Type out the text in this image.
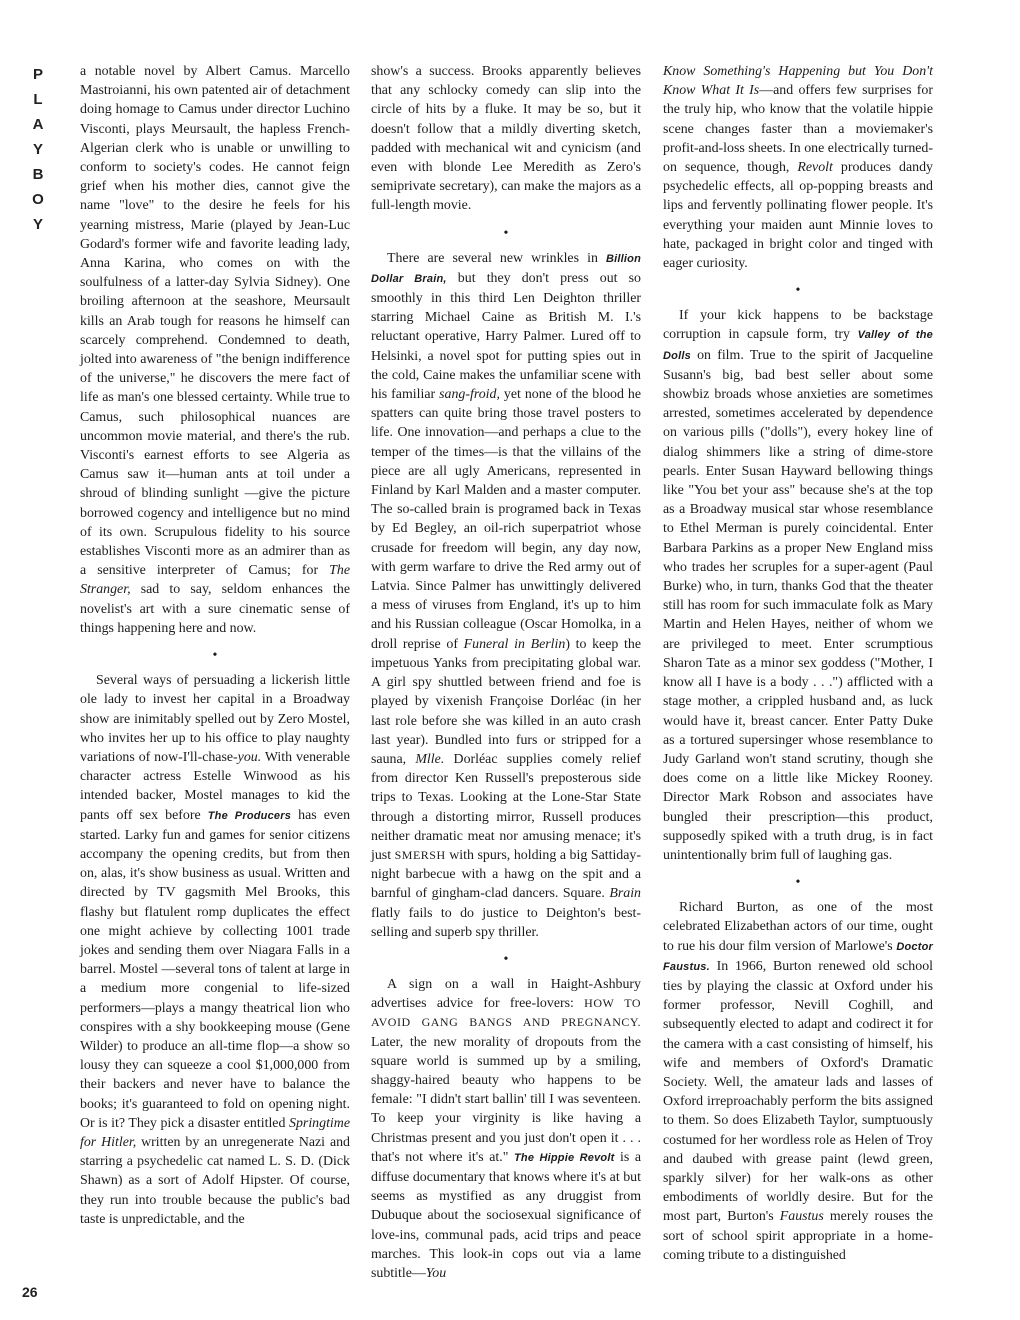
P
L
A
Y
B
O
Y
26

a notable novel by Albert Camus. Marcello Mastroianni, his own patented air of detachment doing homage to Camus under director Luchino Visconti, plays Meursault, the hapless French-Algerian clerk who is unable or unwilling to conform to society's codes. He cannot feign grief when his mother dies, cannot give the name "love" to the desire he feels for his yearning mistress, Marie (played by Jean-Luc Godard's former wife and favorite leading lady, Anna Karina, who comes on with the soulfulness of a latter-day Sylvia Sidney). One broiling afternoon at the seashore, Meursault kills an Arab tough for reasons he himself can scarcely comprehend. Condemned to death, jolted into awareness of "the benign indifference of the universe," he discovers the mere fact of life as man's one blessed certainty. While true to Camus, such philosophical nuances are uncommon movie material, and there's the rub. Visconti's earnest efforts to see Algeria as Camus saw it—human ants at toil under a shroud of blinding sunlight —give the picture borrowed cogency and intelligence but no mind of its own. Scrupulous fidelity to his source establishes Visconti more as an admirer than as a sensitive interpreter of Camus; for The Stranger, sad to say, seldom enhances the novelist's art with a sure cinematic sense of things happening here and now.

•

Several ways of persuading a lickerish little ole lady to invest her capital in a Broadway show are inimitably spelled out by Zero Mostel, who invites her up to his office to play naughty variations of now-I'll-chase-you. With venerable character actress Estelle Winwood as his intended backer, Mostel manages to kid the pants off sex before The Producers has even started. Larky fun and games for senior citizens accompany the opening credits, but from then on, alas, it's show business as usual. Written and directed by TV gagsmith Mel Brooks, this flashy but flatulent romp duplicates the effect one might achieve by collecting 1001 trade jokes and sending them over Niagara Falls in a barrel. Mostel —several tons of talent at large in a medium more congenial to life-sized performers—plays a mangy theatrical lion who conspires with a shy bookkeeping mouse (Gene Wilder) to produce an all-time flop—a show so lousy they can squeeze a cool $1,000,000 from their backers and never have to balance the books; it's guaranteed to fold on opening night. Or is it? They pick a disaster entitled Springtime for Hitler, written by an unregenerate Nazi and starring a psychedelic cat named L. S. D. (Dick Shawn) as a sort of Adolf Hipster. Of course, they run into trouble because the public's bad taste is unpredictable, and the

show's a success. Brooks apparently believes that any schlocky comedy can slip into the circle of hits by a fluke. It may be so, but it doesn't follow that a mildly diverting sketch, padded with mechanical wit and cynicism (and even with blonde Lee Meredith as Zero's semiprivate secretary), can make the majors as a full-length movie.

•

There are several new wrinkles in Billion Dollar Brain, but they don't press out so smoothly in this third Len Deighton thriller starring Michael Caine as British M. I.'s reluctant operative, Harry Palmer. Lured off to Helsinki, a novel spot for putting spies out in the cold, Caine makes the unfamiliar scene with his familiar sang-froid, yet none of the blood he spatters can quite bring those travel posters to life. One innovation—and perhaps a clue to the temper of the times—is that the villains of the piece are all ugly Americans, represented in Finland by Karl Malden and a master computer. The so-called brain is programed back in Texas by Ed Begley, an oil-rich superpatriot whose crusade for freedom will begin, any day now, with germ warfare to drive the Red army out of Latvia. Since Palmer has unwittingly delivered a mess of viruses from England, it's up to him and his Russian colleague (Oscar Homolka, in a droll reprise of Funeral in Berlin) to keep the impetuous Yanks from precipitating global war. A girl spy shuttled between friend and foe is played by vixenish Françoise Dorléac (in her last role before she was killed in an auto crash last year). Bundled into furs or stripped for a sauna, Mlle. Dorléac supplies comely relief from director Ken Russell's preposterous side trips to Texas. Looking at the Lone-Star State through a distorting mirror, Russell produces neither dramatic meat nor amusing menace; it's just SMERSH with spurs, holding a big Sattiday-night barbecue with a hawg on the spit and a barnful of gingham-clad dancers. Square. Brain flatly fails to do justice to Deighton's best-selling and superb spy thriller.

•

A sign on a wall in Haight-Ashbury advertises advice for free-lovers: HOW TO AVOID GANG BANGS AND PREGNANCY. Later, the new morality of dropouts from the square world is summed up by a smiling, shaggy-haired beauty who happens to be female: "I didn't start ballin' till I was seventeen. To keep your virginity is like having a Christmas present and you just don't open it . . . that's not where it's at." The Hippie Revolt is a diffuse documentary that knows where it's at but seems as mystified as any druggist from Dubuque about the sociosexual significance of love-ins, communal pads, acid trips and peace marches. This look-in cops out via a lame subtitle—You

Know Something's Happening but You Don't Know What It Is—and offers few surprises for the truly hip, who know that the volatile hippie scene changes faster than a moviemaker's profit-and-loss sheets. In one electrically turned-on sequence, though, Revolt produces dandy psychedelic effects, all op-popping breasts and lips and fervently pollinating flower people. It's everything your maiden aunt Minnie loves to hate, packaged in bright color and tinged with eager curiosity.

•

If your kick happens to be backstage corruption in capsule form, try Valley of the Dolls on film. True to the spirit of Jacqueline Susann's big, bad best seller about some showbiz broads whose anxieties are sometimes arrested, sometimes accelerated by dependence on various pills ("dolls"), every hokey line of dialog shimmers like a string of dime-store pearls. Enter Susan Hayward bellowing things like "You bet your ass" because she's at the top as a Broadway musical star whose resemblance to Ethel Merman is purely coincidental. Enter Barbara Parkins as a proper New England miss who trades her scruples for a super-agent (Paul Burke) who, in turn, thanks God that the theater still has room for such immaculate folk as Mary Martin and Helen Hayes, neither of whom we are privileged to meet. Enter scrumptious Sharon Tate as a minor sex goddess ("Mother, I know all I have is a body . . .") afflicted with a stage mother, a crippled husband and, as luck would have it, breast cancer. Enter Patty Duke as a tortured supersinger whose resemblance to Judy Garland won't stand scrutiny, though she does come on a little like Mickey Rooney. Director Mark Robson and associates have bungled their prescription—this product, supposedly spiked with a truth drug, is in fact unintentionally brim full of laughing gas.

•

Richard Burton, as one of the most celebrated Elizabethan actors of our time, ought to rue his dour film version of Marlowe's Doctor Faustus. In 1966, Burton renewed old school ties by playing the classic at Oxford under his former professor, Nevill Coghill, and subsequently elected to adapt and codirect it for the camera with a cast consisting of himself, his wife and members of Oxford's Dramatic Society. Well, the amateur lads and lasses of Oxford irreproachably perform the bits assigned to them. So does Elizabeth Taylor, sumptuously costumed for her wordless role as Helen of Troy and daubed with grease paint (lewd green, sparkly silver) for her walk-ons as other embodiments of worldly desire. But for the most part, Burton's Faustus merely rouses the sort of school spirit appropriate in a home-coming tribute to a distinguished
